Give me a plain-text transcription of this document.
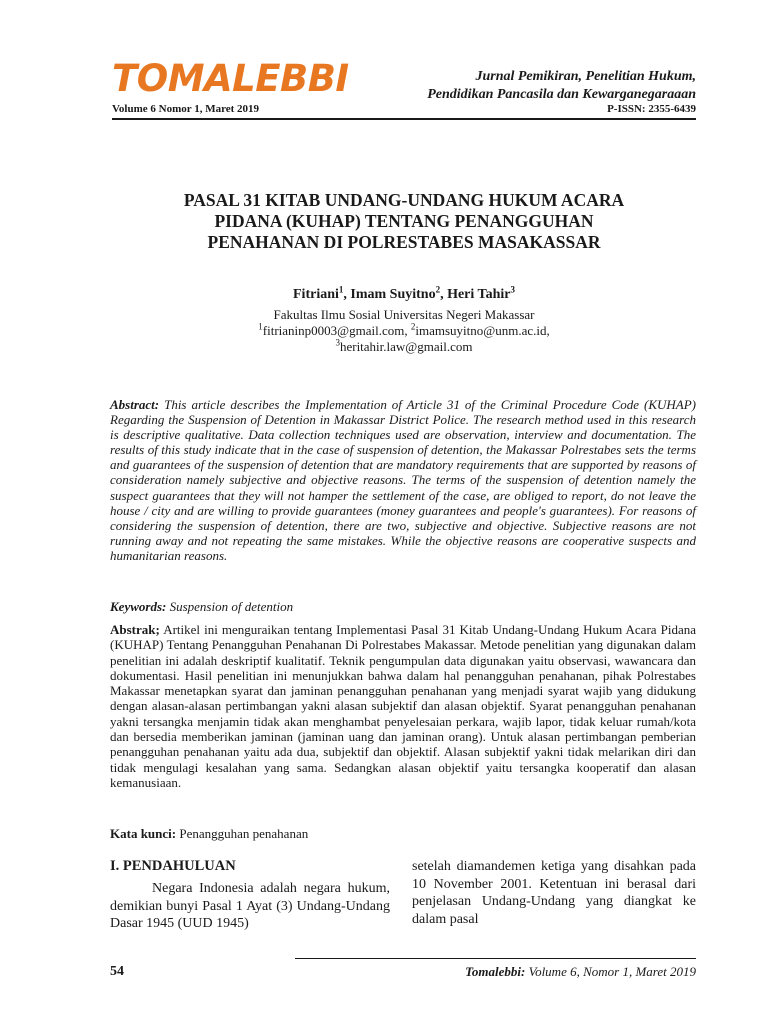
TOMALEBBI
Volume 6 Nomor 1, Maret 2019
Jurnal Pemikiran, Penelitian Hukum,
Pendidikan Pancasila dan Kewarganegaraaan
P-ISSN: 2355-6439
PASAL 31 KITAB UNDANG-UNDANG HUKUM ACARA
PIDANA (KUHAP) TENTANG PENANGGUHAN
PENAHANAN DI POLRESTABES MASAKASSAR
Fitriani$^1$, Imam Suyitno$^2$, Heri Tahir$^3$
Fakultas Ilmu Sosial Universitas Negeri Makassar
$^1$fitrianinp0003@gmail.com, $^2$imamsuyitno@unm.ac.id,
$^3$heritahir.law@gmail.com
Abstract: This article describes the Implementation of Article 31 of the Criminal Procedure Code (KUHAP) Regarding the Suspension of Detention in Makassar District Police. The research method used in this research is descriptive qualitative. Data collection techniques used are observation, interview and documentation. The results of this study indicate that in the case of suspension of detention, the Makassar Polrestabes sets the terms and guarantees of the suspension of detention that are mandatory requirements that are supported by reasons of consideration namely subjective and objective reasons. The terms of the suspension of detention namely the suspect guarantees that they will not hamper the settlement of the case, are obliged to report, do not leave the house / city and are willing to provide guarantees (money guarantees and people's guarantees). For reasons of considering the suspension of detention, there are two, subjective and objective. Subjective reasons are not running away and not repeating the same mistakes. While the objective reasons are cooperative suspects and humanitarian reasons.
Keywords: Suspension of detention
Abstrak; Artikel ini menguraikan tentang Implementasi Pasal 31 Kitab Undang-Undang Hukum Acara Pidana (KUHAP) Tentang Penangguhan Penahanan Di Polrestabes Makassar. Metode penelitian yang digunakan dalam penelitian ini adalah deskriptif kualitatif. Teknik pengumpulan data digunakan yaitu observasi, wawancara dan dokumentasi. Hasil penelitian ini menunjukkan bahwa dalam hal penangguhan penahanan, pihak Polrestabes Makassar menetapkan syarat dan jaminan penangguhan penahanan yang menjadi syarat wajib yang didukung dengan alasan-alasan pertimbangan yakni alasan subjektif dan alasan objektif. Syarat penangguhan penahanan yakni tersangka menjamin tidak akan menghambat penyelesaian perkara, wajib lapor, tidak keluar rumah/kota dan bersedia memberikan jaminan (jaminan uang dan jaminan orang). Untuk alasan pertimbangan pemberian penangguhan penahanan yaitu ada dua, subjektif dan objektif. Alasan subjektif yakni tidak melarikan diri dan tidak mengulagi kesalahan yang sama. Sedangkan alasan objektif yaitu tersangka kooperatif dan alasan kemanusiaan.
Kata kunci: Penangguhan penahanan
I. PENDAHULUAN
Negara Indonesia adalah negara hukum, demikian bunyi Pasal 1 Ayat (3) Undang-Undang Dasar 1945 (UUD 1945)
setelah diamandemen ketiga yang disahkan pada 10 November 2001. Ketentuan ini berasal dari penjelasan Undang-Undang yang diangkat ke dalam pasal
54	Tomalebbi: Volume 6, Nomor 1, Maret 2019
